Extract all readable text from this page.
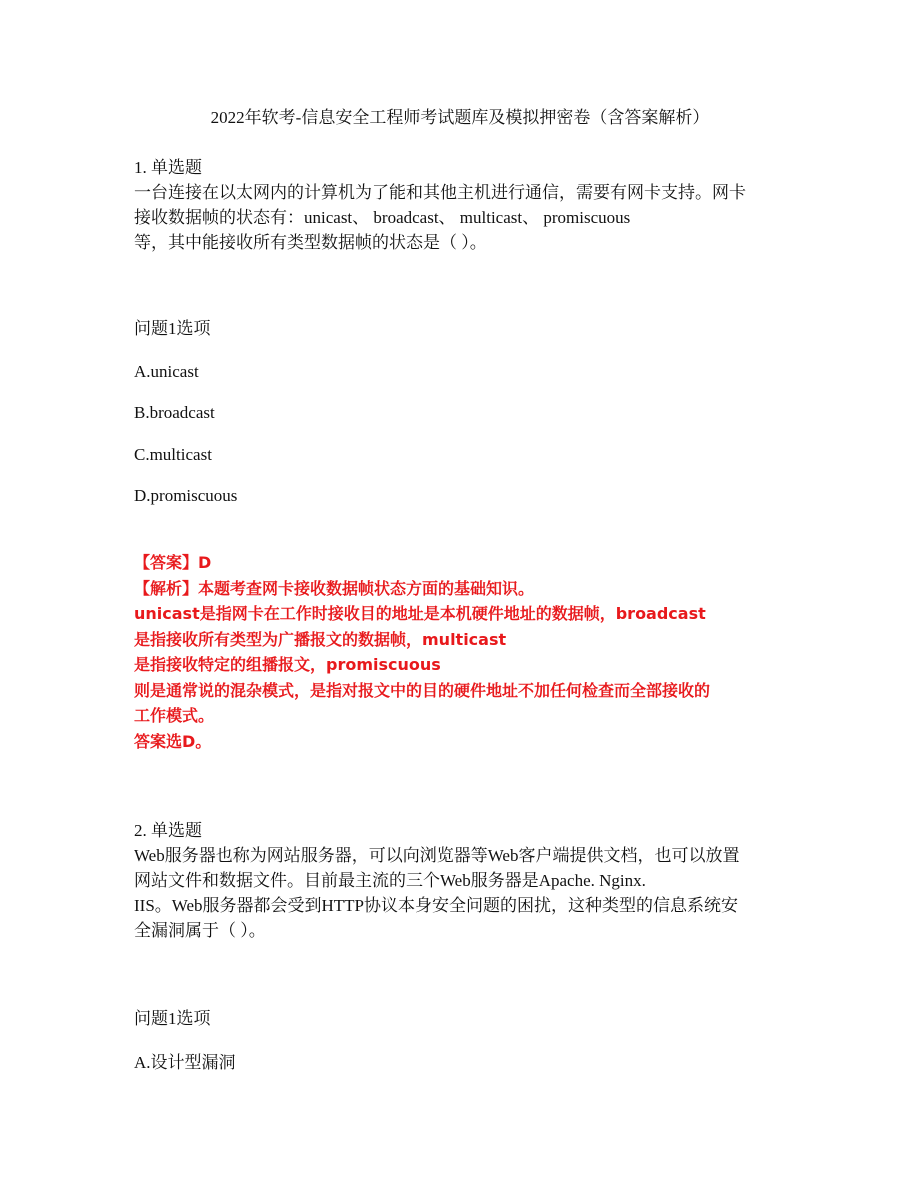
2022年软考-信息安全工程师考试题库及模拟押密卷（含答案解析）
1. 单选题
一台连接在以太网内的计算机为了能和其他主机进行通信，需要有网卡支持。网卡
接收数据帧的状态有：unicast、 broadcast、 multicast、 promiscuous
等，其中能接收所有类型数据帧的状态是（ ）。
问题1选项
A.unicast
B.broadcast
C.multicast
D.promiscuous
【答案】D
【解析】本题考查网卡接收数据帧状态方面的基础知识。
unicast是指网卡在工作时接收目的地址是本机硬件地址的数据帧，broadcast
是指接收所有类型为广播报文的数据帧，multicast
是指接收特定的组播报文，promiscuous
则是通常说的混杂模式，是指对报文中的目的硬件地址不加任何检查而全部接收的
工作模式。
答案选D。
2. 单选题
Web服务器也称为网站服务器，可以向浏览器等Web客户端提供文档，也可以放置
网站文件和数据文件。目前最主流的三个Web服务器是Apache. Nginx.
IIS。Web服务器都会受到HTTP协议本身安全问题的困扰，这种类型的信息系统安
全漏洞属于（ ）。
问题1选项
A.设计型漏洞
